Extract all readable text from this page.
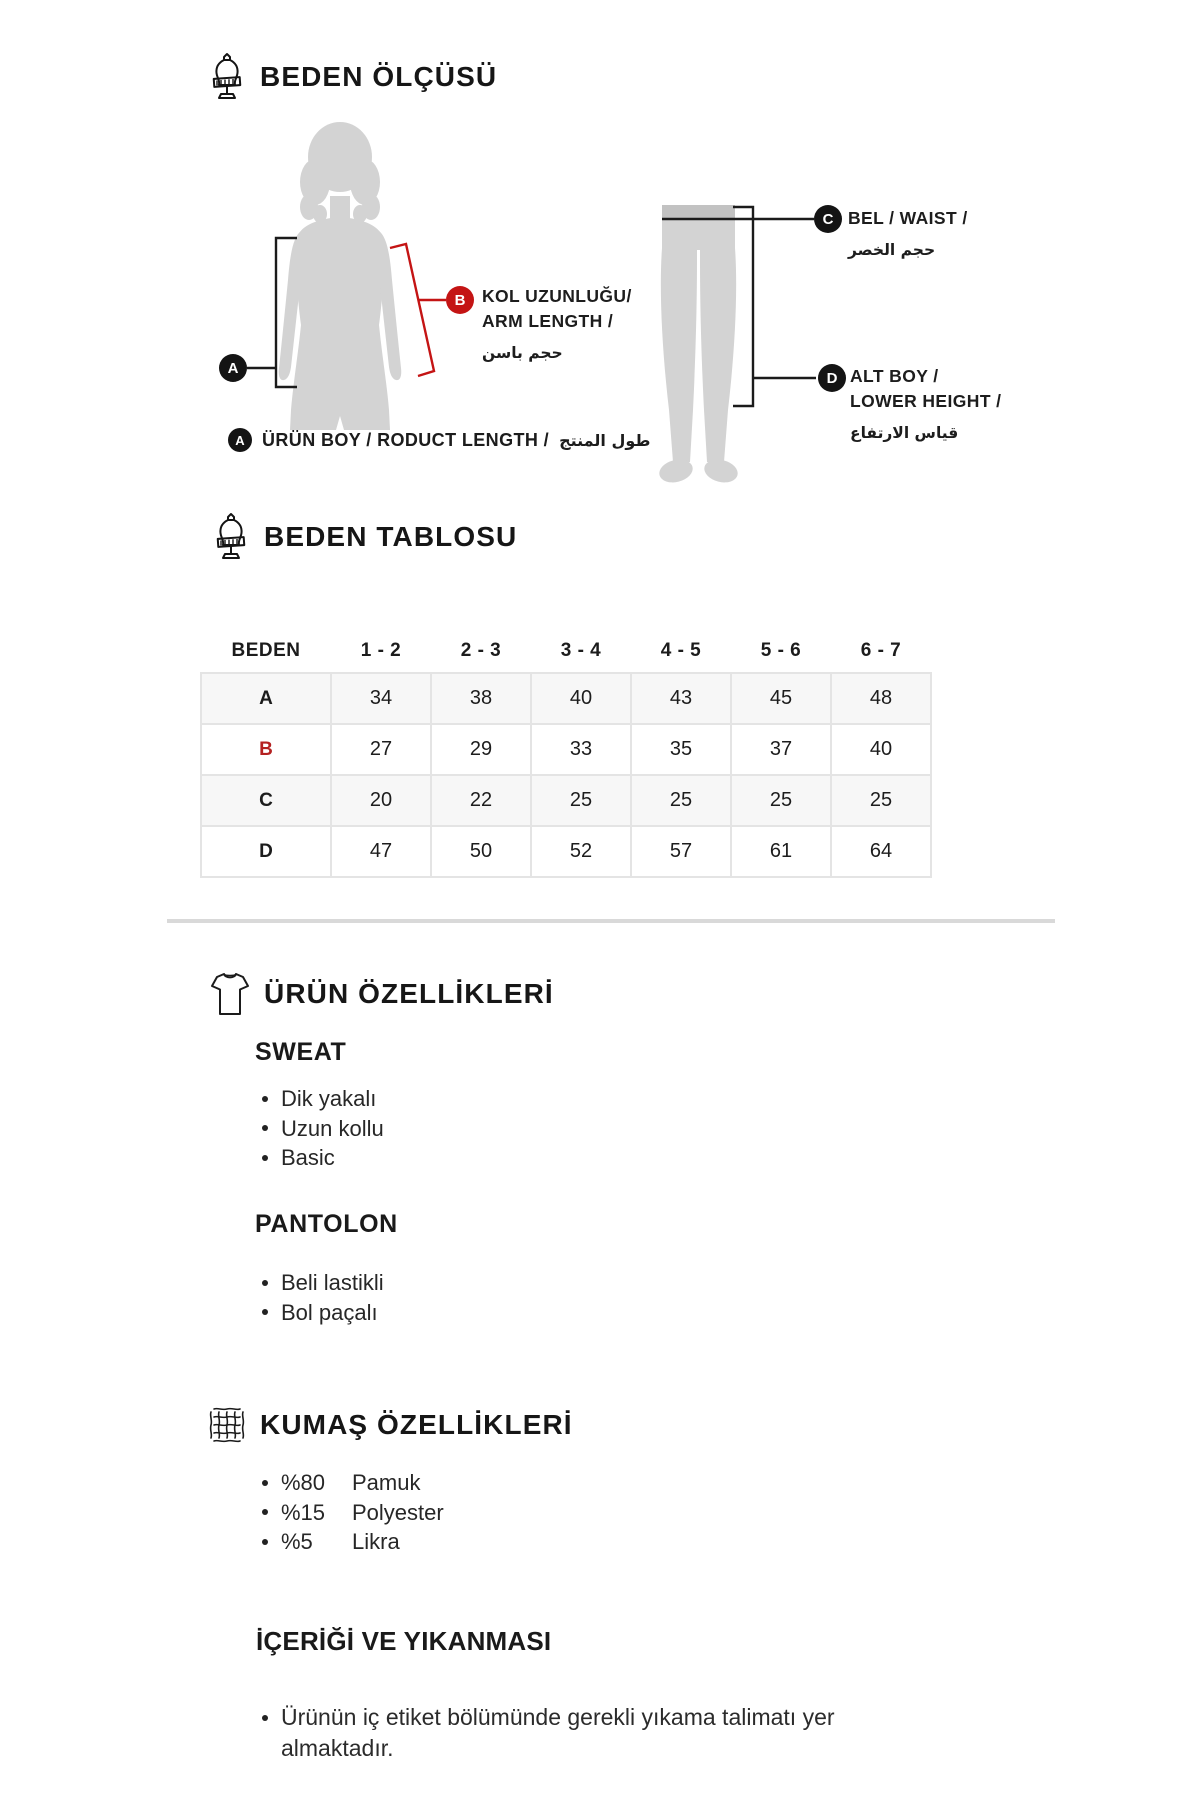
BEDEN ÖLÇÜSÜ
A
B
C
D
KOL UZUNLUĞU/
ARM LENGTH /
حجم باسن
BEL / WAIST /
حجم الخصر
ALT BOY /
LOWER HEIGHT /
قياس الارتفاع
A ÜRÜN BOY / RODUCT LENGTH / طول المنتج
BEDEN TABLOSU
BEDEN	1 - 2	2 - 3	3 - 4	4 - 5	5 - 6	6 - 7
A	34	38	40	43	45	48
B	27	29	33	35	37	40
C	20	22	25	25	25	25
D	47	50	52	57	61	64
ÜRÜN ÖZELLİKLERİ
SWEAT
Dik yakalı
Uzun kollu
Basic
PANTOLON
Beli lastikli
Bol paçalı
KUMAŞ ÖZELLİKLERİ
%80	Pamuk
%15	Polyester
%5	Likra
İÇERİĞİ VE YIKANMASI
Ürünün iç etiket bölümünde gerekli yıkama talimatı yer almaktadır.
